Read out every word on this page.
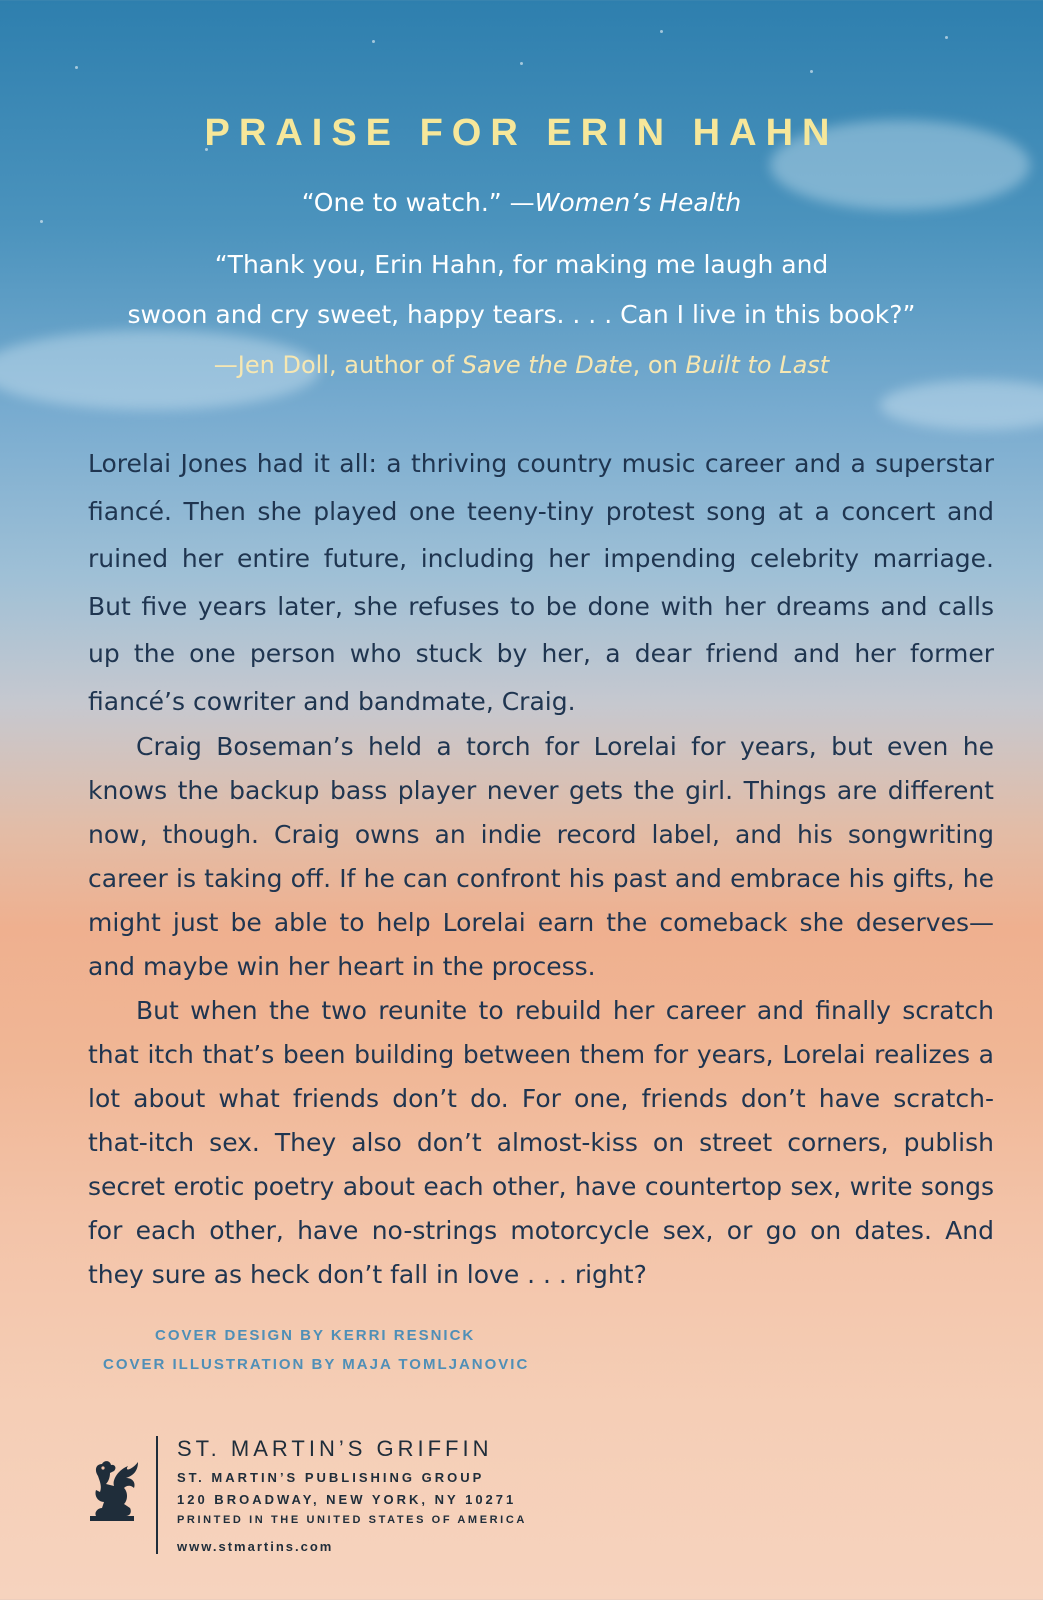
PRAISE FOR ERIN HAHN

“One to watch.” —Women’s Health

“Thank you, Erin Hahn, for making me laugh and

swoon and cry sweet, happy tears. . . . Can I live in this book?”

—Jen Doll, author of Save the Date, on Built to Last

Lorelai Jones had it all: a thriving country music career and a superstar fiancé. Then she played one teeny-tiny protest song at a concert and ruined her entire future, including her impending celebrity marriage. But five years later, she refuses to be done with her dreams and calls up the one person who stuck by her, a dear friend and her former fiancé’s cowriter and bandmate, Craig.

Craig Boseman’s held a torch for Lorelai for years, but even he knows the backup bass player never gets the girl. Things are different now, though. Craig owns an indie record label, and his songwriting career is taking off. If he can confront his past and embrace his gifts, he might just be able to help Lorelai earn the comeback she deserves—and maybe win her heart in the process.

But when the two reunite to rebuild her career and finally scratch that itch that’s been building between them for years, Lorelai realizes a lot about what friends don’t do. For one, friends don’t have scratch-that-itch sex. They also don’t almost-kiss on street corners, publish secret erotic poetry about each other, have countertop sex, write songs for each other, have no-strings motorcycle sex, or go on dates. And they sure as heck don’t fall in love . . . right?

COVER DESIGN BY KERRI RESNICK

COVER ILLUSTRATION BY MAJA TOMLJANOVIC

ST. MARTIN’S GRIFFIN

ST. MARTIN’S PUBLISHING GROUP

120 BROADWAY, NEW YORK, NY 10271

PRINTED IN THE UNITED STATES OF AMERICA

www.stmartins.com
